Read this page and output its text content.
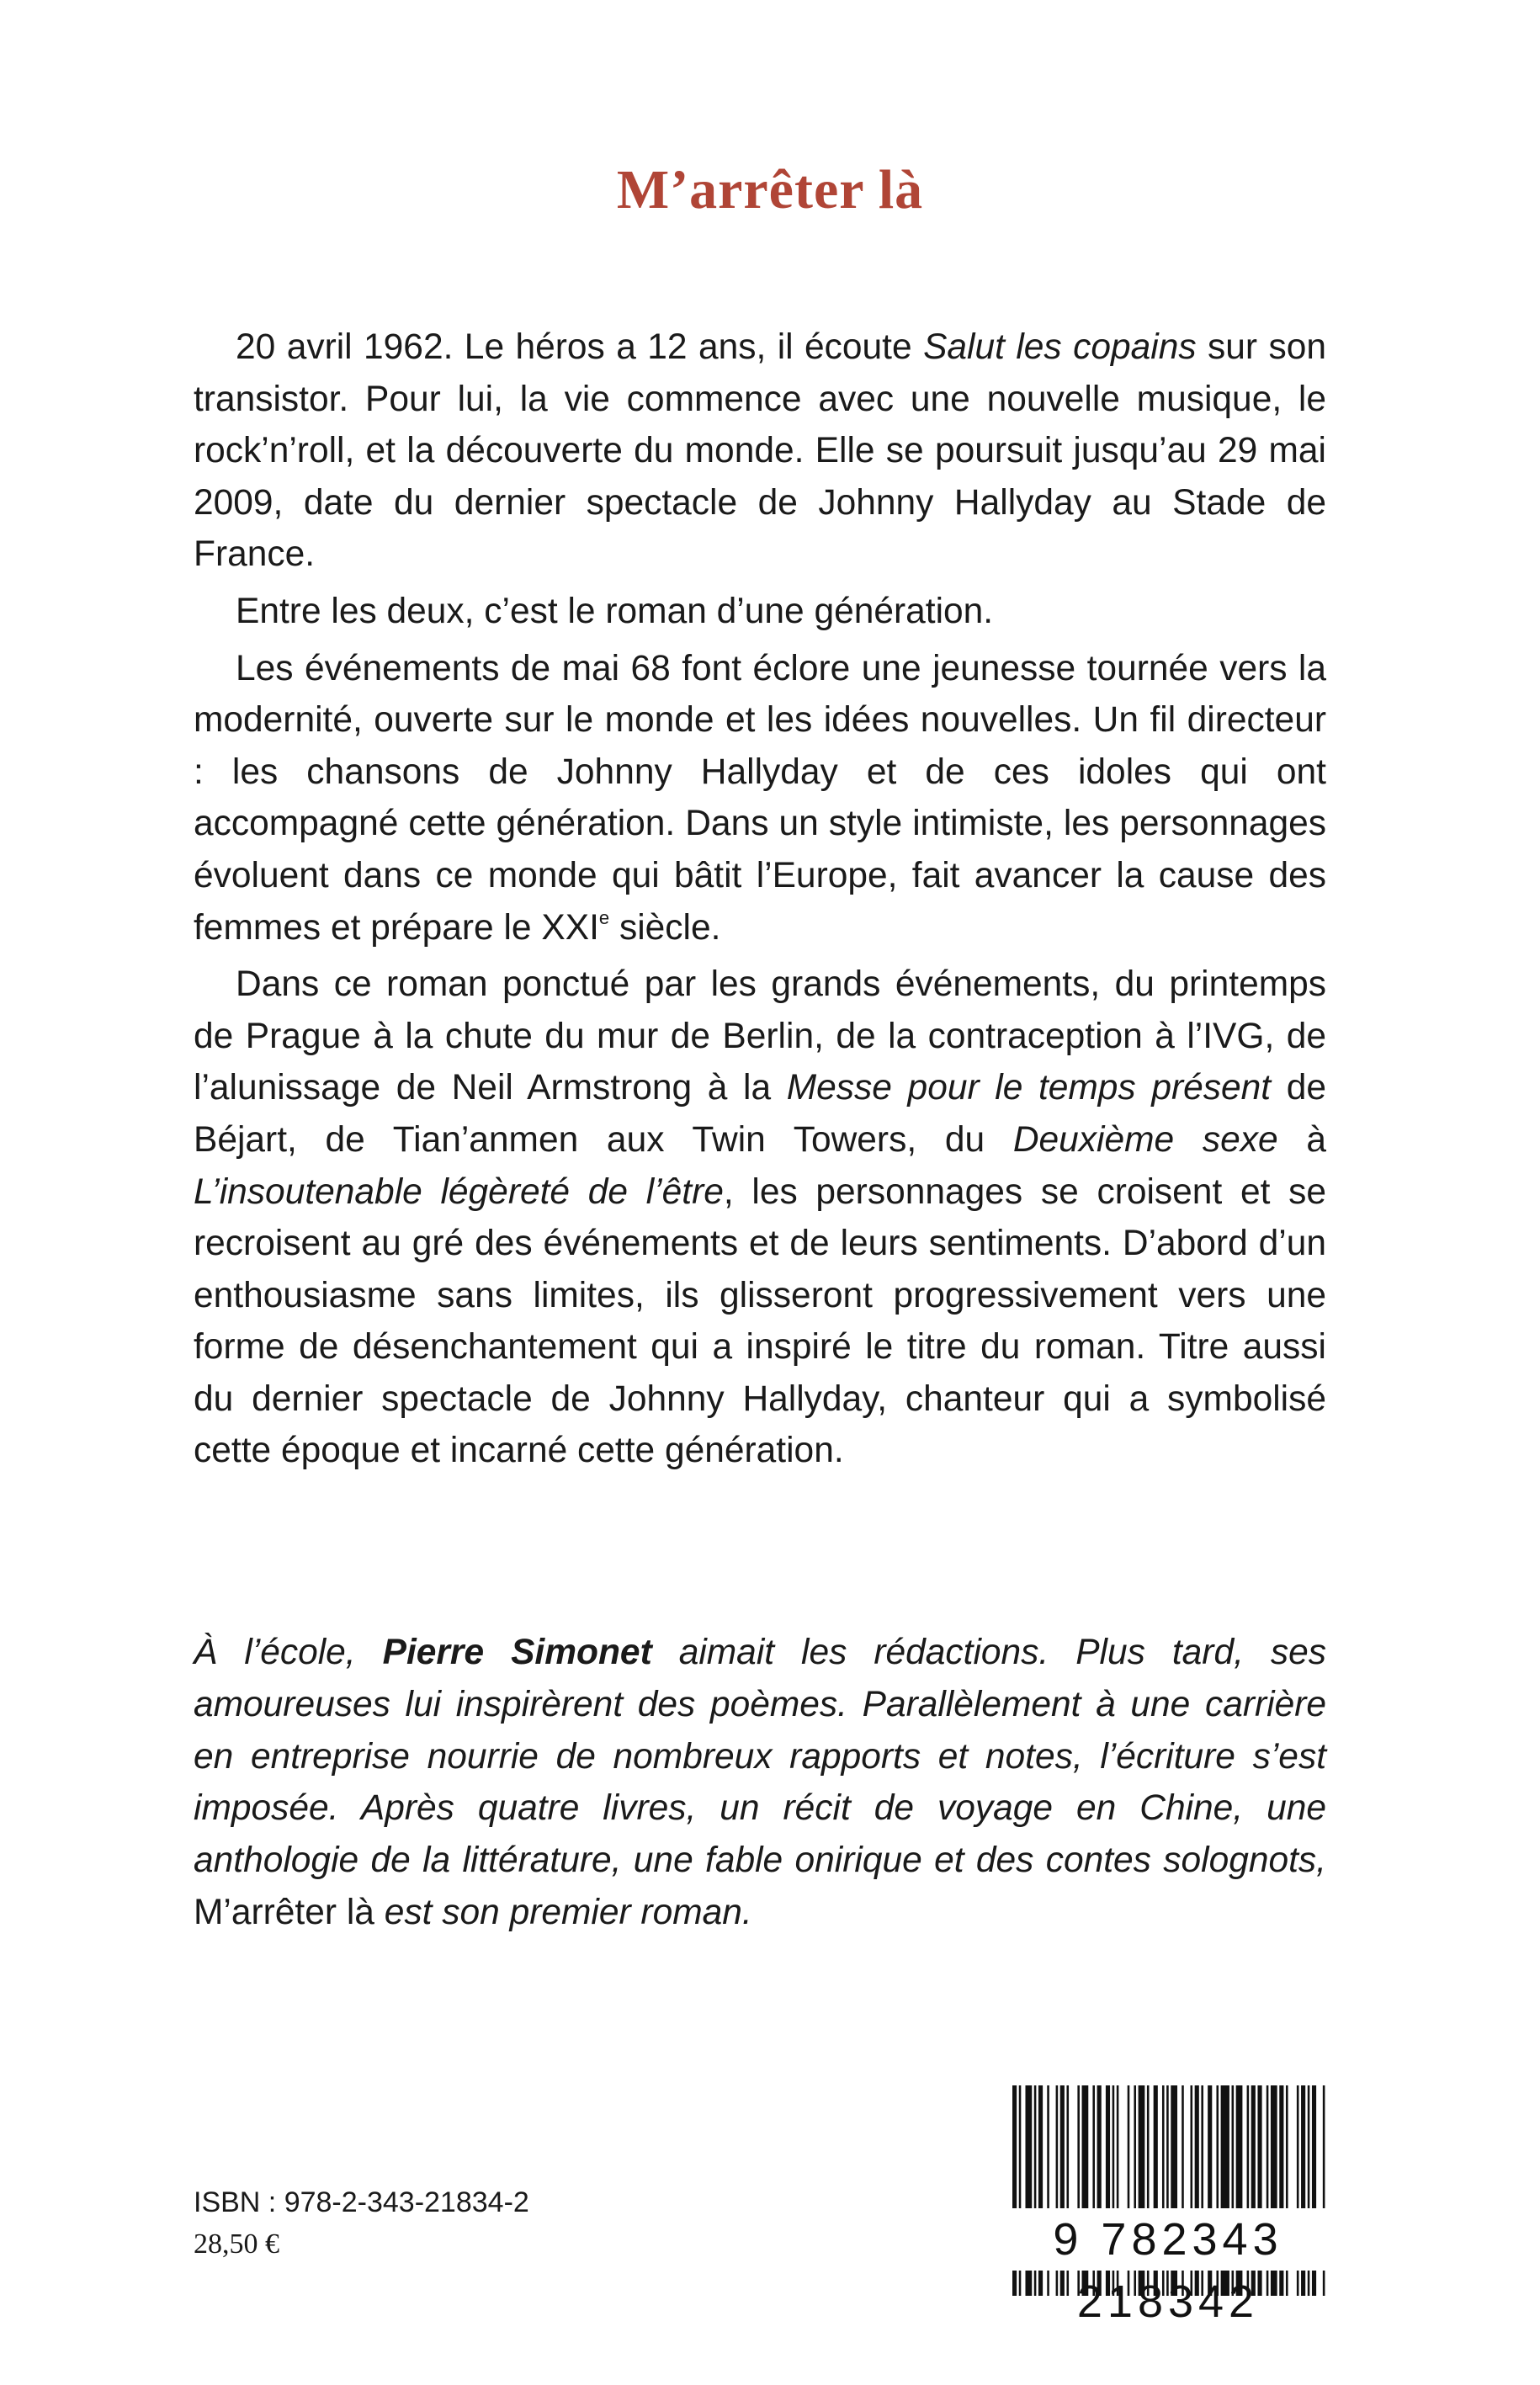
M’arrêter là

20 avril 1962. Le héros a 12 ans, il écoute Salut les copains sur son transistor. Pour lui, la vie commence avec une nouvelle musique, le rock’n’roll, et la découverte du monde. Elle se poursuit jusqu’au 29 mai 2009, date du dernier spectacle de Johnny Hallyday au Stade de France.

Entre les deux, c’est le roman d’une génération.

Les événements de mai 68 font éclore une jeunesse tournée vers la modernité, ouverte sur le monde et les idées nouvelles. Un fil directeur : les chansons de Johnny Hallyday et de ces idoles qui ont accompagné cette génération. Dans un style intimiste, les personnages évoluent dans ce monde qui bâtit l’Europe, fait avancer la cause des femmes et prépare le XXIe siècle.

Dans ce roman ponctué par les grands événements, du printemps de Prague à la chute du mur de Berlin, de la contraception à l’IVG, de l’alunissage de Neil Armstrong à la Messe pour le temps présent de Béjart, de Tian’anmen aux Twin Towers, du Deuxième sexe à L’insoutenable légèreté de l’être, les personnages se croisent et se recroisent au gré des événements et de leurs sentiments. D’abord d’un enthousiasme sans limites, ils glisseront progressivement vers une forme de désenchantement qui a inspiré le titre du roman. Titre aussi du dernier spectacle de Johnny Hallyday, chanteur qui a symbolisé cette époque et incarné cette génération.

À l’école, Pierre Simonet aimait les rédactions. Plus tard, ses amoureuses lui inspirèrent des poèmes. Parallèlement à une carrière en entreprise nourrie de nombreux rapports et notes, l’écriture s’est imposée. Après quatre livres, un récit de voyage en Chine, une anthologie de la littérature, une fable onirique et des contes solognots, M’arrêter là est son premier roman.

ISBN : 978-2-343-21834-2
28,50 €	9 782343 218342
